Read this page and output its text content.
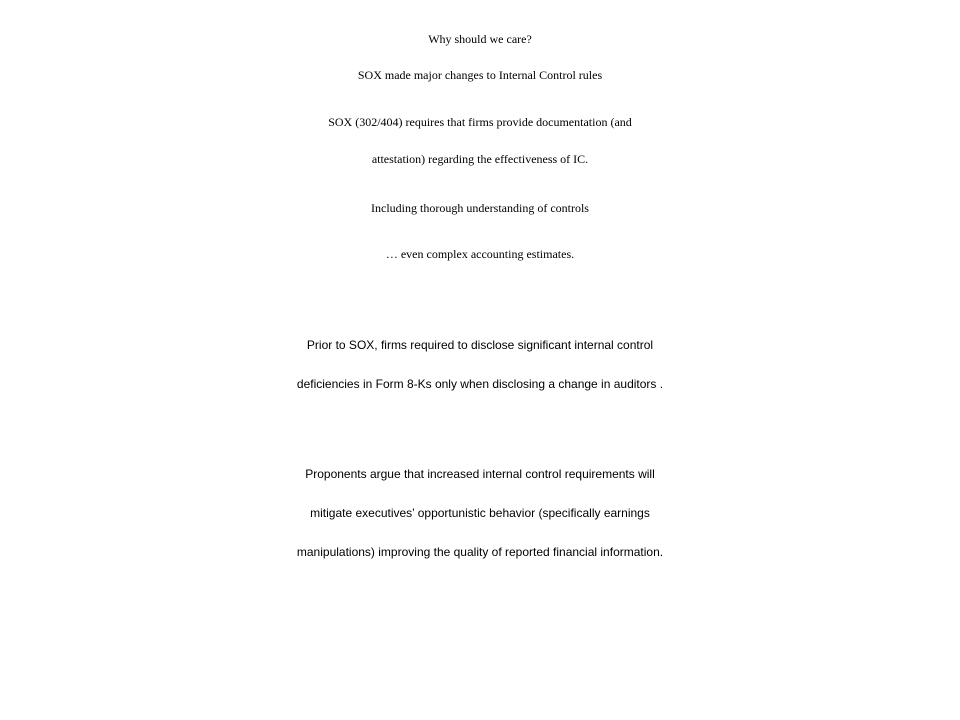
Why should we care?
SOX made major changes to Internal Control rules
SOX (302/404) requires that firms provide documentation (and
attestation) regarding the effectiveness of IC.
Including thorough understanding of controls
… even complex accounting estimates.
Prior to SOX, firms required to disclose significant internal control
deficiencies in Form 8-Ks only when disclosing a change in auditors .
Proponents argue that increased internal control requirements will
mitigate executives’ opportunistic behavior (specifically earnings
manipulations) improving the quality of reported financial information.
